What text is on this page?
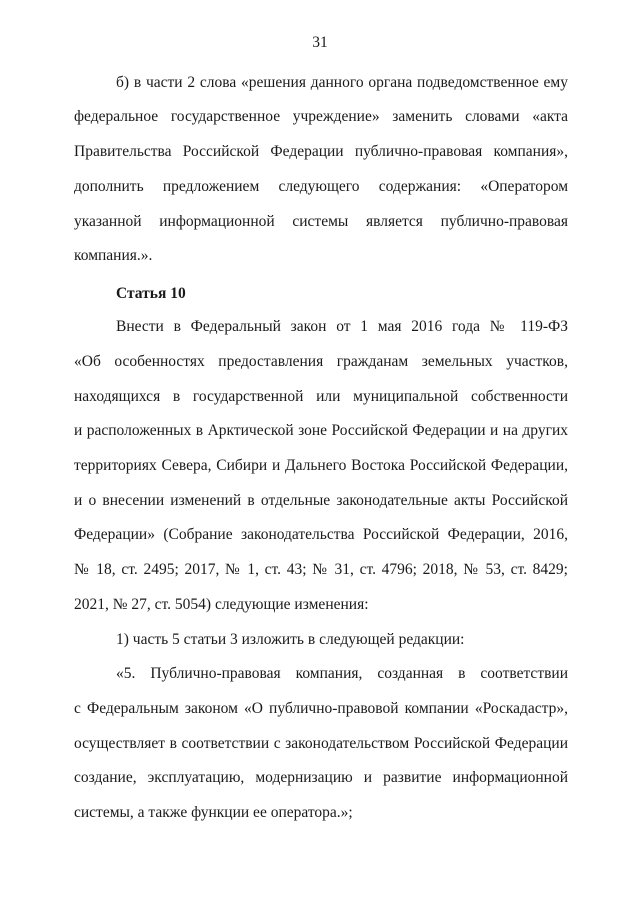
31
б) в части 2 слова «решения данного органа подведомственное ему
федеральное государственное учреждение» заменить словами «акта
Правительства Российской Федерации публично-правовая компания»,
дополнить предложением следующего содержания: «Оператором
указанной информационной системы является публично-правовая
компания.».
Статья 10
Внести в Федеральный закон от 1 мая 2016 года № 119-ФЗ
«Об особенностях предоставления гражданам земельных участков,
находящихся в государственной или муниципальной собственности
и расположенных в Арктической зоне Российской Федерации и на других
территориях Севера, Сибири и Дальнего Востока Российской Федерации,
и о внесении изменений в отдельные законодательные акты Российской
Федерации» (Собрание законодательства Российской Федерации, 2016,
№ 18, ст. 2495; 2017, № 1, ст. 43; № 31, ст. 4796; 2018, № 53, ст. 8429;
2021, № 27, ст. 5054) следующие изменения:
1) часть 5 статьи 3 изложить в следующей редакции:
«5. Публично-правовая компания, созданная в соответствии
с Федеральным законом «О публично-правовой компании «Роскадастр»,
осуществляет в соответствии с законодательством Российской Федерации
создание, эксплуатацию, модернизацию и развитие информационной
системы, а также функции ее оператора.»;
